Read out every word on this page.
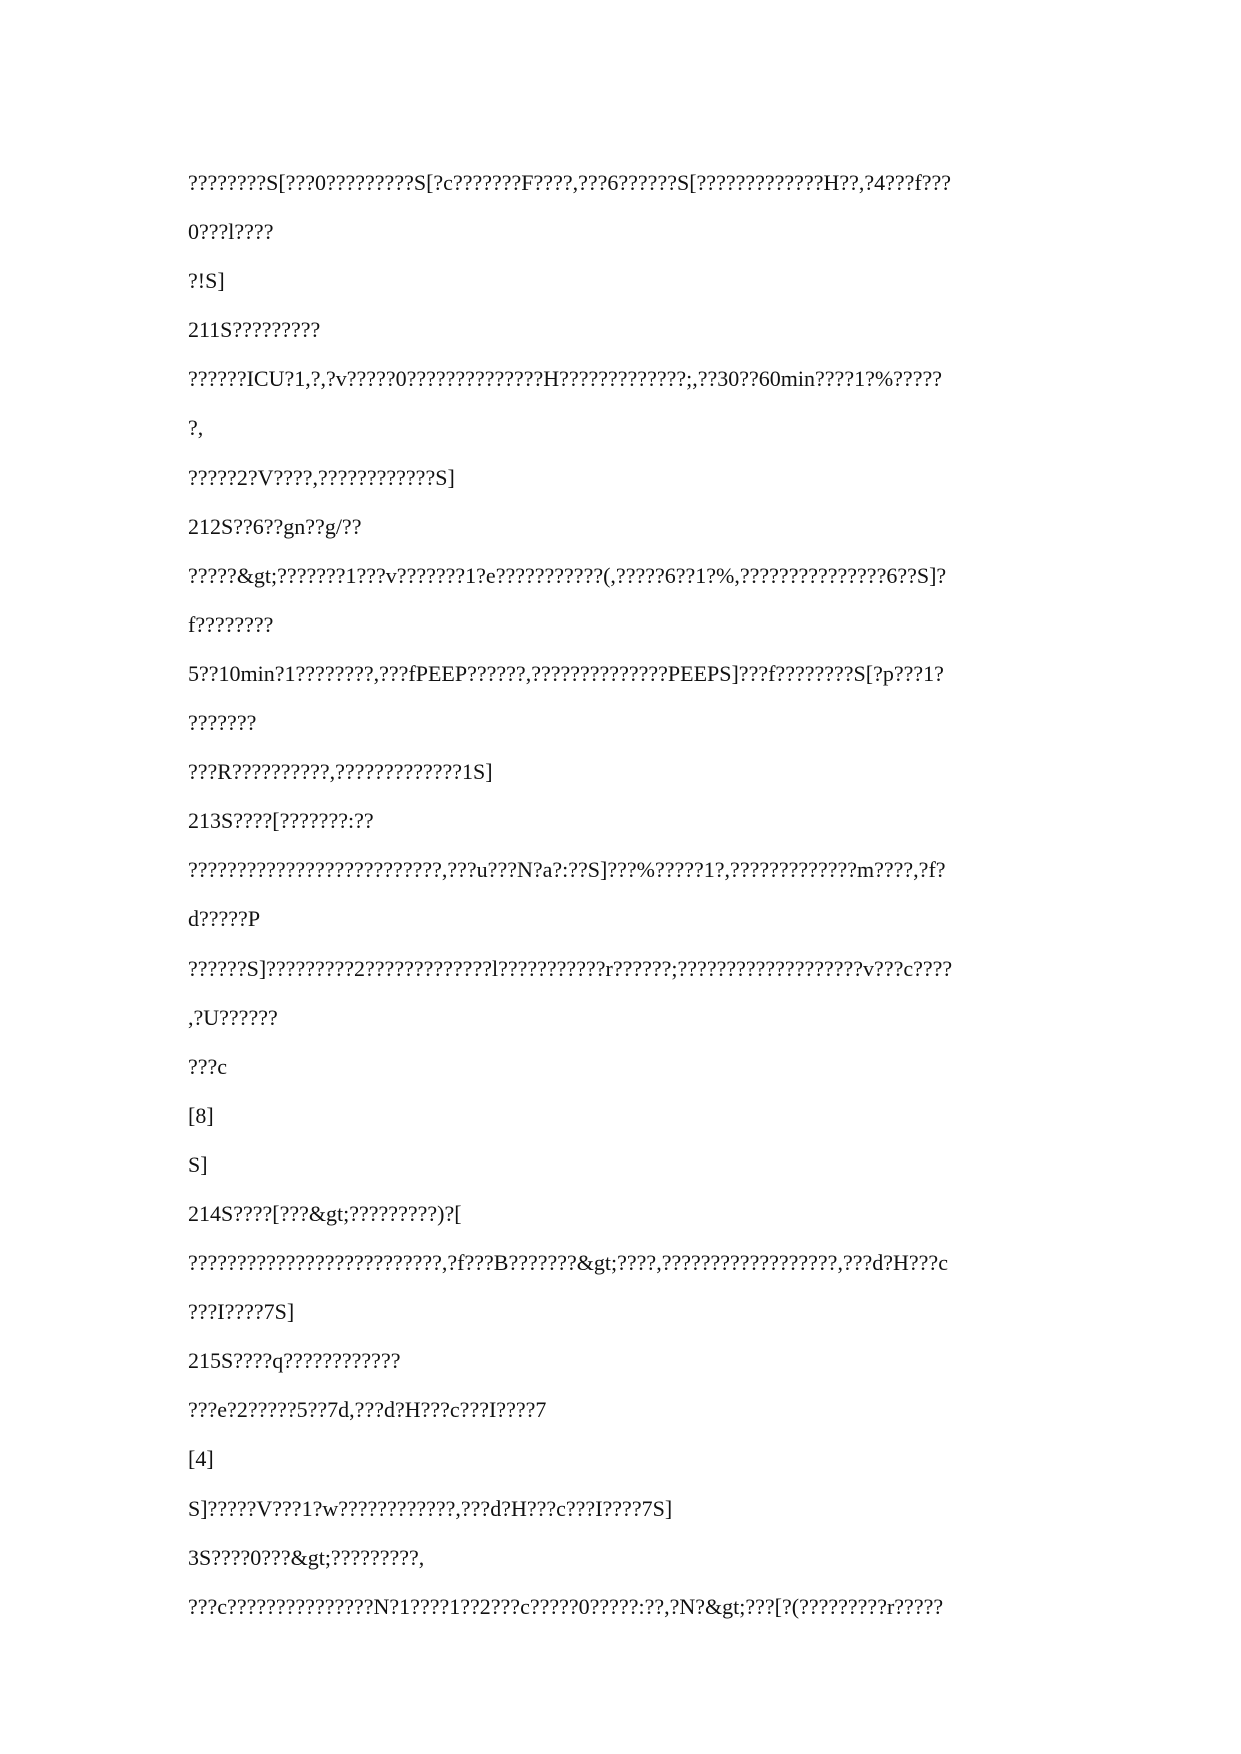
????????S[???0?????????S[?c???????F????,???6??????S[?????????????H??,?4???f???
0???l????
?!S]
211S?????????
??????ICU?1,?,?v?????0??????????????H?????????????;,??30??60min????1?%?????
?,
?????2?V????,????????????S]
212S??6??gn??g/??
?????&gt;???????1???v???????1?e???????????(,?????6??1?%,???????????????6??S]?
f????????
5??10min?1????????,???fPEEP??????,??????????????PEEPS]???f????????S[?p???1?
???????
???R??????????,?????????????1S]
213S????[???????:??
??????????????????????????,???u???N?a?:??S]???%?????1?,?????????????m????,?f?
d?????P
??????S]?????????2?????????????l???????????r??????;???????????????????v???c????
,?U??????
???c
[8]
S]
214S????[???&gt;?????????)?[
??????????????????????????,?f???B???????&gt;????,??????????????????,???d?H???c
???I????7S]
215S????q????????????
???e?2?????5??7d,???d?H???c???I????7
[4]
S]?????V???1?w????????????,???d?H???c???I????7S]
3S????0???&gt;?????????,
???c???????????????N?1????1??2???c?????0?????:??,?N?&gt;???[?(?????????r?????
